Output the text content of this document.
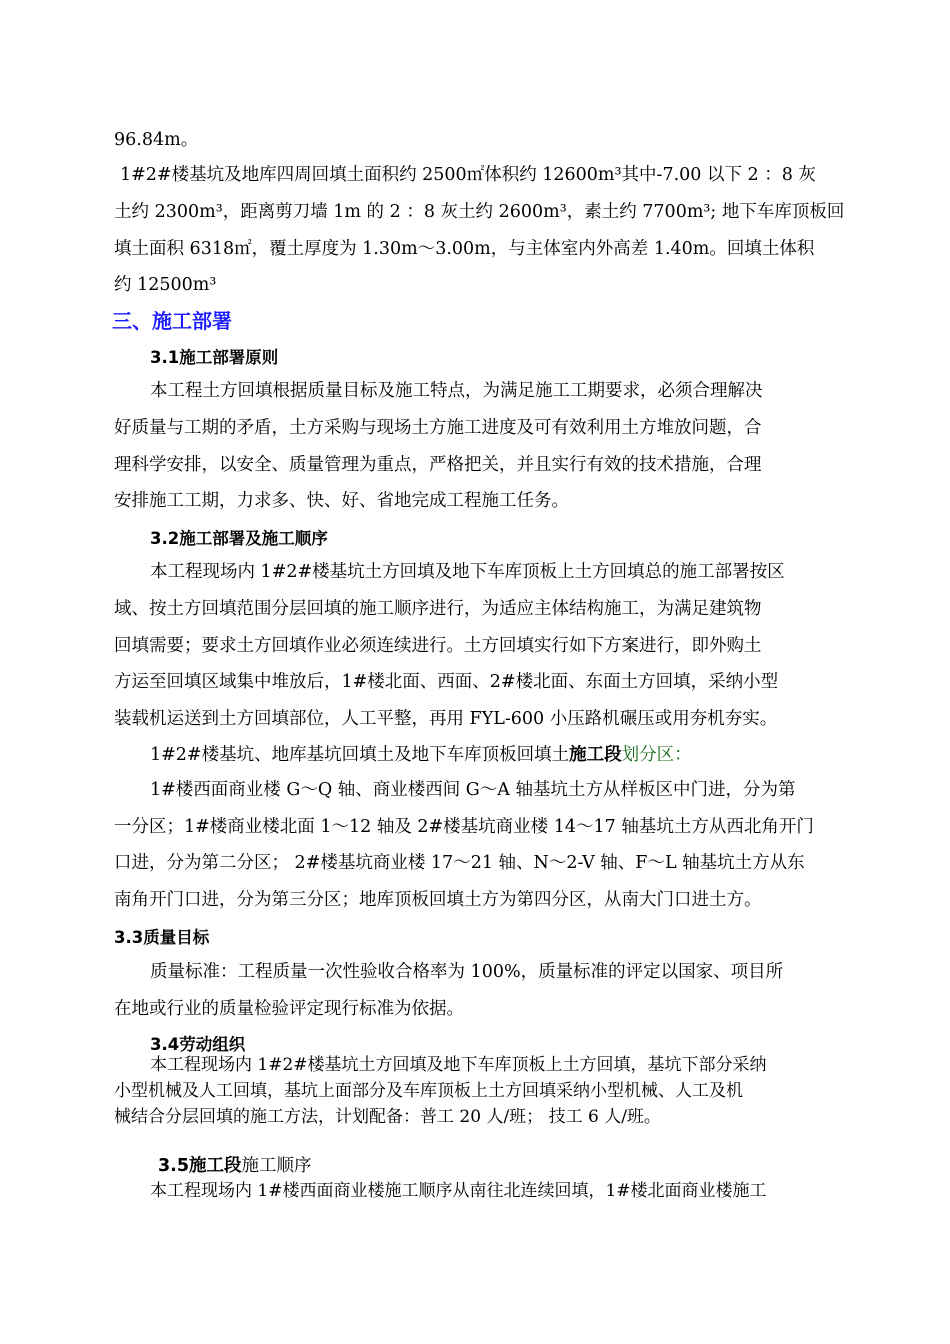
96.84m。
1#2#楼基坑及地库四周回填土面积约 2500㎡体积约 12600m³其中-7.00 以下 2 ：8 灰
土约 2300m³，距离剪刀墙 1m 的 2 ：8 灰土约 2600m³，素土约 7700m³; 地下车库顶板回
填土面积 6318㎡，覆土厚度为 1.30m～3.00m，与主体室内外高差 1.40m。回填土体积
约 12500m³
三、施工部署
3.1施工部署原则
本工程土方回填根据质量目标及施工特点，为满足施工工期要求，必须合理解决
好质量与工期的矛盾，土方采购与现场土方施工进度及可有效利用土方堆放问题，合
理科学安排，以安全、质量管理为重点，严格把关，并且实行有效的技术措施，合理
安排施工工期，力求多、快、好、省地完成工程施工任务。
3.2施工部署及施工顺序
本工程现场内 1#2#楼基坑土方回填及地下车库顶板上土方回填总的施工部署按区
域、按土方回填范围分层回填的施工顺序进行，为适应主体结构施工，为满足建筑物
回填需要；要求土方回填作业必须连续进行。土方回填实行如下方案进行，即外购土
方运至回填区域集中堆放后，1#楼北面、西面、2#楼北面、东面土方回填，采纳小型
装载机运送到土方回填部位，人工平整，再用 FYL-600 小压路机碾压或用夯机夯实。
1#2#楼基坑、地库基坑回填土及地下车库顶板回填土施工段划分区：
1#楼西面商业楼 G～Q 轴、商业楼西间 G～A 轴基坑土方从样板区中门进，分为第
一分区；1#楼商业楼北面 1～12 轴及 2#楼基坑商业楼 14～17 轴基坑土方从西北角开门
口进，分为第二分区； 2#楼基坑商业楼 17～21 轴、N～2-V 轴、F～L 轴基坑土方从东
南角开门口进，分为第三分区；地库顶板回填土方为第四分区，从南大门口进土方。
3.3质量目标
质量标准：工程质量一次性验收合格率为 100%，质量标准的评定以国家、项目所
在地或行业的质量检验评定现行标准为依据。
3.4劳动组织
本工程现场内 1#2#楼基坑土方回填及地下车库顶板上土方回填，基坑下部分采纳
小型机械及人工回填，基坑上面部分及车库顶板上土方回填采纳小型机械、人工及机
械结合分层回填的施工方法，计划配备：普工 20 人/班； 技工 6 人/班。
3.5施工段施工顺序
本工程现场内 1#楼西面商业楼施工顺序从南往北连续回填，1#楼北面商业楼施工
